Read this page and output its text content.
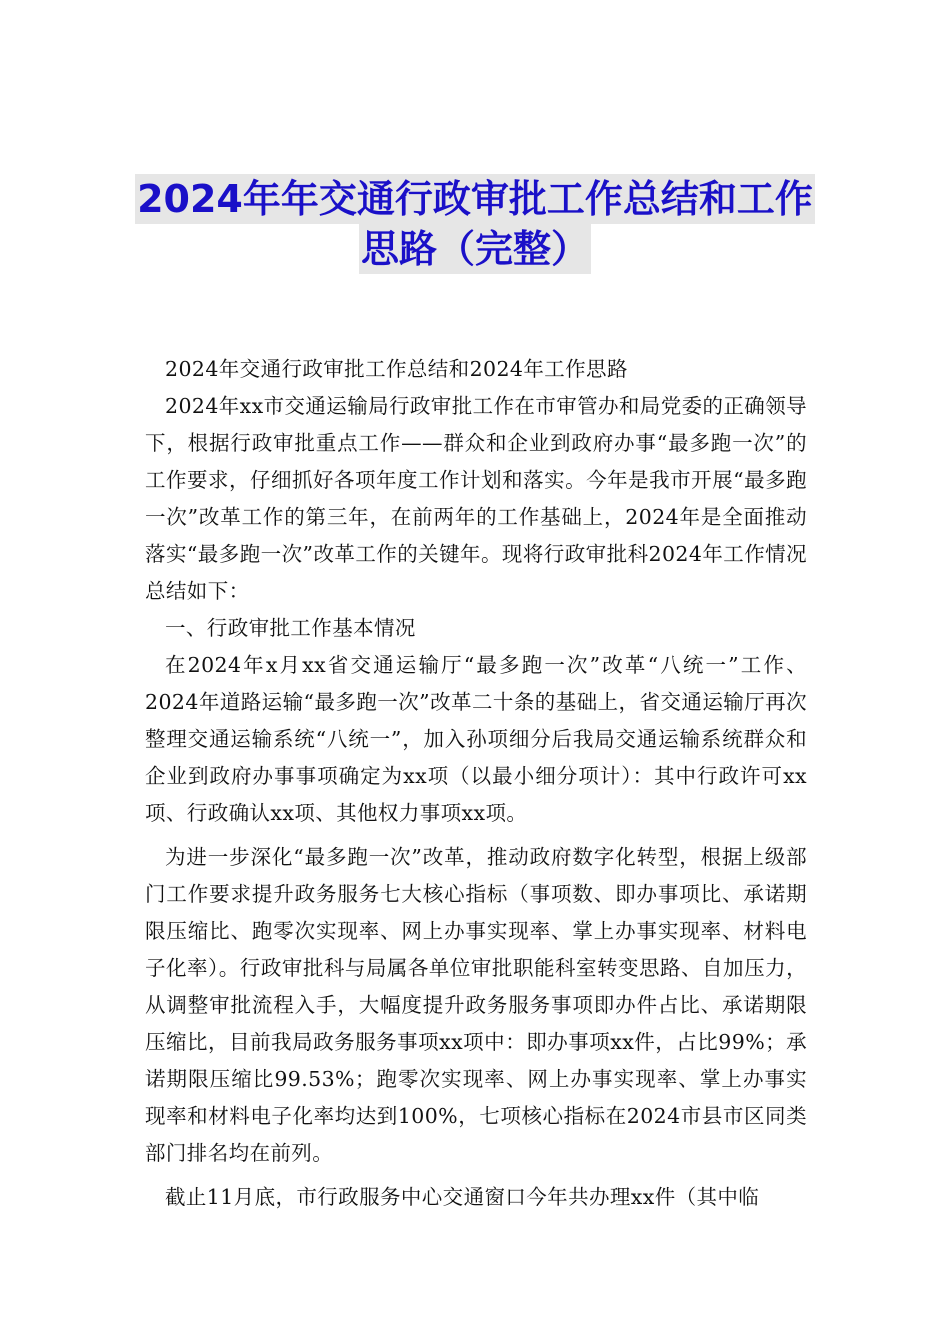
2024年年交通行政审批工作总结和工作
思路（完整）

2024年交通行政审批工作总结和2024年工作思路

2024年xx市交通运输局行政审批工作在市审管办和局党委的正确领导下，根据行政审批重点工作——群众和企业到政府办事“最多跑一次”的工作要求，仔细抓好各项年度工作计划和落实。今年是我市开展“最多跑一次”改革工作的第三年，在前两年的工作基础上，2024年是全面推动落实“最多跑一次”改革工作的关键年。现将行政审批科2024年工作情况总结如下：

一、行政审批工作基本情况

在2024年x月xx省交通运输厅“最多跑一次”改革“八统一”工作、2024年道路运输“最多跑一次”改革二十条的基础上，省交通运输厅再次整理交通运输系统“八统一”，加入孙项细分后我局交通运输系统群众和企业到政府办事事项确定为xx项（以最小细分项计）：其中行政许可xx项、行政确认xx项、其他权力事项xx项。

为进一步深化“最多跑一次”改革，推动政府数字化转型，根据上级部门工作要求提升政务服务七大核心指标（事项数、即办事项比、承诺期限压缩比、跑零次实现率、网上办事实现率、掌上办事实现率、材料电子化率）。行政审批科与局属各单位审批职能科室转变思路、自加压力，从调整审批流程入手，大幅度提升政务服务事项即办件占比、承诺期限压缩比，目前我局政务服务事项xx项中：即办事项xx件，占比99%；承诺期限压缩比99.53%；跑零次实现率、网上办事实现率、掌上办事实现率和材料电子化率均达到100%，七项核心指标在2024市县市区同类部门排名均在前列。

截止11月底，市行政服务中心交通窗口今年共办理xx件（其中临
